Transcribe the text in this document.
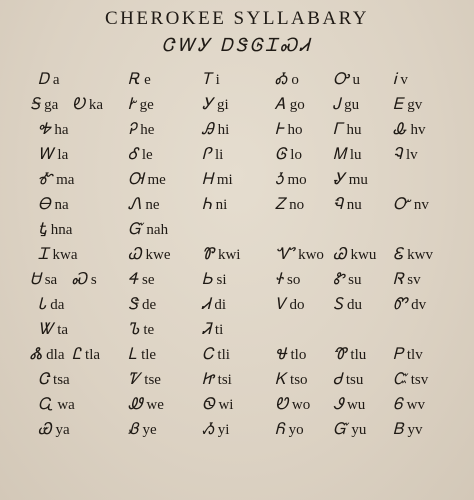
CHEROKEE SYLLABARY
ᏣᎳᎩ ᎠᏕᎶᏆᏍᏗ
Ꭰ a	Ꭱ e	Ꭲ i	Ꭳ o Ꭴ u Ꭵ v
Ꭶ ga Ꭷ ka Ꭸ ge	Ꭹ gi	Ꭺ go Ꭻ gu Ꭼ gv
Ꭽ ha	Ꭾ he	Ꭿ hi	Ꮀ ho Ꮁ hu Ꮂ hv
Ꮃ la	Ꮄ le	Ꮅ li	Ꮆ lo Ꮇ lu Ꮈ lv
Ꮉ ma	Ꮊ me Ꮋ mi	Ꮌ mo Ꮍ mu
Ꮎ na	Ꮑ ne	Ꮒ ni	Ꮓ no Ꮔ nu Ꮕ nv
Ꮏ hna	Ᏻ nah
Ꮖ kwa	Ꮗ kwe Ꮘ kwi Ꮙ kwo Ꮚ kwu Ꮛ kwv
Ꮜ sa Ꮝ s Ꮞ se	Ꮟ si	Ꮠ so Ꮡ su Ꮢ sv
Ꮣ da	Ꮥ de	Ꮧ di	Ꮩ do Ꮪ du Ꮫ dv
Ꮤ ta	Ꮦ te	Ꮨ ti
Ꮬ dla Ꮭ tla Ꮮ tle	Ꮯ tli	Ꮰ tlo Ꮱ tlu Ꮲ tlv
Ꮳ tsa	Ꮴ tse	Ꮵ tsi	Ꮶ tso Ꮷ tsu Ꮸ tsv
Ꮹ wa	Ꮺ we Ꮻ wi	Ꮼ wo Ꮽ wu Ꮾ wv
Ꮿ ya	Ᏸ ye	Ᏹ yi	Ᏺ yo Ᏻ yu Ᏼ yv
